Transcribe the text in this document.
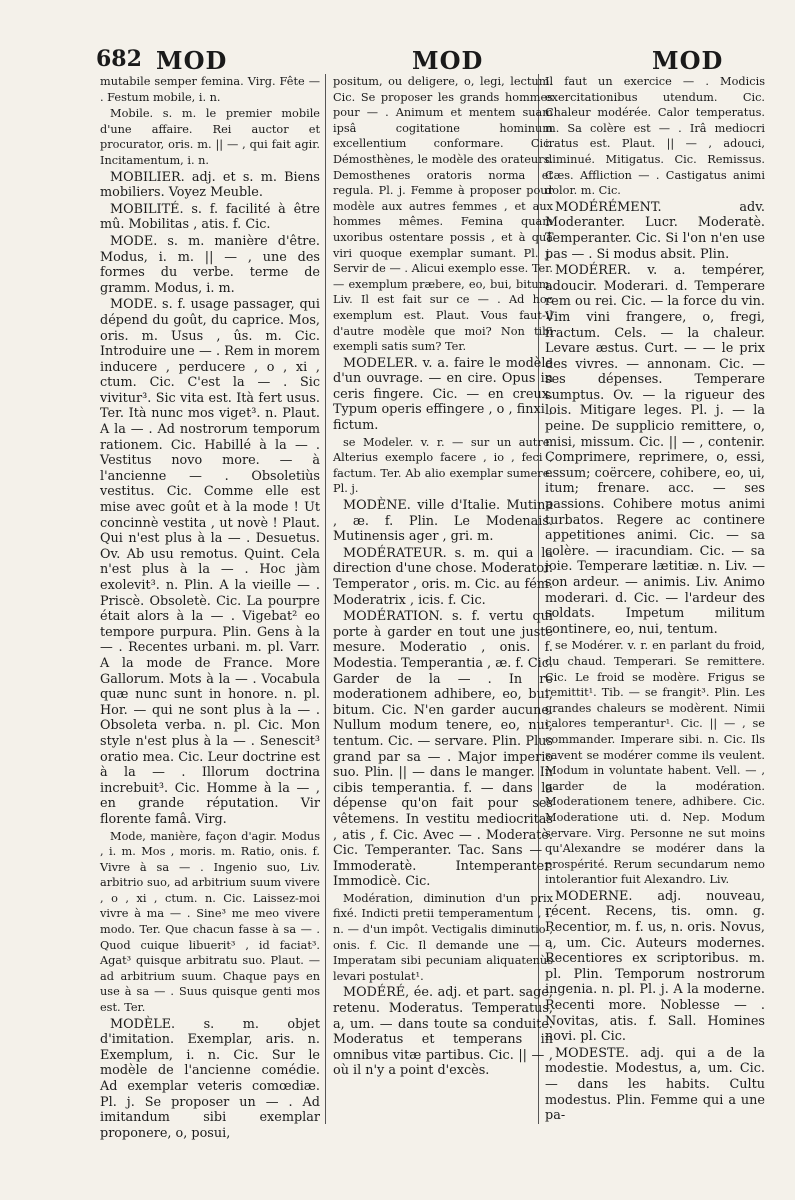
682 MOD	MOD	MOD

mutabile semper femina. Virg. Fête — . Festum mobile, i. n.

Mobile. s. m. le premier mobile d'une affaire. Rei auctor et procurator, oris. m. || — , qui fait agir. Incitamentum, i. n.

MOBILIER. adj. et s. m. Biens mobiliers. Voyez Meuble.

MOBILITÉ. s. f. facilité à être mû. Mobilitas , atis. f. Cic.

MODE. s. m. manière d'être. Modus, i. m. || — , une des formes du verbe. terme de gramm. Modus, i. m.

MODE. s. f. usage passager, qui dépend du goût, du caprice. Mos, oris. m. Usus , ûs. m. Cic. Introduire une — . Rem in morem inducere , perducere , o , xi , ctum. Cic. C'est la — . Sic vivitur³. Sic vita est. Ità fert usus. Ter. Ità nunc mos viget³. n. Plaut. A la — . Ad nostrorum temporum rationem. Cic. Habillé à la — . Vestitus novo more. — à l'ancienne — . Obsoletiùs vestitus. Cic. Comme elle est mise avec goût et à la mode ! Ut concinnè vestita , ut novè ! Plaut. Qui n'est plus à la — . Desuetus. Ov. Ab usu remotus. Quint. Cela n'est plus à la — . Hoc jàm exolevit³. n. Plin. A la vieille — . Priscè. Obsoletè. Cic. La pourpre était alors à la — . Vigebat² eo tempore purpura. Plin. Gens à la — . Recentes urbani. m. pl. Varr. A la mode de France. More Gallorum. Mots à la — . Vocabula quæ nunc sunt in honore. n. pl. Hor. — qui ne sont plus à la — . Obsoleta verba. n. pl. Cic. Mon style n'est plus à la — . Senescit³ oratio mea. Cic. Leur doctrine est à la — . Illorum doctrina increbuit³. Cic. Homme à la — , en grande réputation. Vir florente famâ. Virg.

Mode, manière, façon d'agir. Modus , i. m. Mos , moris. m. Ratio, onis. f. Vivre à sa — . Ingenio suo, Liv. arbitrio suo, ad arbitrium suum vivere , o , xi , ctum. n. Cic. Laissez-moi vivre à ma — . Sine³ me meo vivere modo. Ter. Que chacun fasse à sa — . Quod cuique libuerit³ , id faciat³. Agat³ quisque arbitratu suo. Plaut. — ad arbitrium suum. Chaque pays en use à sa — . Suus quisque genti mos est. Ter.

MODÈLE. s. m. objet d'imitation. Exemplar, aris. n. Exemplum, i. n. Cic. Sur le modèle de l'ancienne comédie. Ad exemplar veteris comœdiæ. Pl. j. Se proposer un — . Ad imitandum sibi exemplar proponere, o, posui,

positum, ou deligere, o, legi, lectum. Cic. Se proposer les grands hommes pour — . Animum et mentem suam ipsâ cogitatione hominum excellentium conformare. Cic. Démosthènes, le modèle des orateurs. Demosthenes oratoris norma et regula. Pl. j. Femme à proposer pour modèle aux autres femmes , et aux hommes mêmes. Femina quam uxoribus ostentare possis , et à quâ viri quoque exemplar sumant. Pl. j. Servir de — . Alicui exemplo esse. Ter. — exemplum præbere, eo, bui, bitum. Liv. Il est fait sur ce — . Ad hoc exemplum est. Plaut. Vous faut-il d'autre modèle que moi? Non tibi exempli satis sum? Ter.

MODELER. v. a. faire le modèle d'un ouvrage. — en cire. Opus in ceris fingere. Cic. — en creux. Typum operis effingere , o , finxi , fictum.

se Modeler. v. r. — sur un autre. Alterius exemplo facere , io , feci , factum. Ter. Ab alio exemplar sumere. Pl. j.

MODÈNE. ville d'Italie. Mutina , æ. f. Plin. Le Modenais. Mutinensis ager , gri. m.

MODÉRATEUR. s. m. qui a la direction d'une chose. Moderator. Temperator , oris. m. Cic. au fém. Moderatrix , icis. f. Cic.

MODÉRATION. s. f. vertu qui porte à garder en tout une juste mesure. Moderatio , onis. f. Modestia. Temperantia , æ. f. Cic. Garder de la — . In re moderationem adhibere, eo, bui, bitum. Cic. N'en garder aucune. Nullum modum tenere, eo, nui, tentum. Cic. — servare. Plin. Plus grand par sa — . Major imperio suo. Plin. || — dans le manger. In cibis temperantia. f. — dans la dépense qu'on fait pour ses vêtemens. In vestitu mediocritas , atis , f. Cic. Avec — . Moderatè. Cic. Temperanter. Tac. Sans — . Immoderatè. Intemperanter. Immodicè. Cic.

Modération, diminution d'un prix fixé. Indicti pretii temperamentum , i. n. — d'un impôt. Vectigalis diminutio , onis. f. Cic. Il demande une — . Imperatam sibi pecuniam aliquatenùs levari postulat¹.

MODÉRÉ, ée. adj. et part. sage, retenu. Moderatus. Temperatus, a, um. — dans toute sa conduite. Moderatus et temperans in omnibus vitæ partibus. Cic. || — , où il n'y a point d'excès.

Il faut un exercice — . Modicis exercitationibus utendum. Cic. Chaleur modérée. Calor temperatus. m. Sa colère est — . Irâ mediocri iratus est. Plaut. || — , adouci, diminué. Mitigatus. Cic. Remissus. Cæs. Affliction — . Castigatus animi dolor. m. Cic.

MODÉRÉMENT. adv. Moderanter. Lucr. Moderatè. Temperanter. Cic. Si l'on n'en use pas — . Si modus absit. Plin.

MODÉRER. v. a. tempérer, adoucir. Moderari. d. Temperare rem ou rei. Cic. — la force du vin. Vim vini frangere, o, fregi, fractum. Cels. — la chaleur. Levare æstus. Curt. — — le prix des vivres. — annonam. Cic. — ses dépenses. Temperare sumptus. Ov. — la rigueur des lois. Mitigare leges. Pl. j. — la peine. De supplicio remittere, o, misi, missum. Cic. || — , contenir. Comprimere, reprimere, o, essi, essum; coërcere, cohibere, eo, ui, itum; frenare. acc. — ses passions. Cohibere motus animi turbatos. Regere ac continere appetitiones animi. Cic. — sa colère. — iracundiam. Cic. — sa joie. Temperare lætitiæ. n. Liv. — son ardeur. — animis. Liv. Animo moderari. d. Cic. — l'ardeur des soldats. Impetum militum continere, eo, nui, tentum.

se Modérer. v. r. en parlant du froid, du chaud. Temperari. Se remittere. Cic. Le froid se modère. Frigus se remittit¹. Tib. — se frangit³. Plin. Les grandes chaleurs se modèrent. Nimii calores temperantur¹. Cic. || — , se commander. Imperare sibi. n. Cic. Ils savent se modérer comme ils veulent. Modum in voluntate habent. Vell. — , garder de la modération. Moderationem tenere, adhibere. Cic. Moderatione uti. d. Nep. Modum servare. Virg. Personne ne sut moins qu'Alexandre se modérer dans la prospérité. Rerum secundarum nemo intolerantior fuit Alexandro. Liv.

MODERNE. adj. nouveau, récent. Recens, tis. omn. g. Recentior, m. f. us, n. oris. Novus, a, um. Cic. Auteurs modernes. Recentiores ex scriptoribus. m. pl. Plin. Temporum nostrorum ingenia. n. pl. Pl. j. A la moderne. Recenti more. Noblesse — . Novitas, atis. f. Sall. Homines novi. pl. Cic.

MODESTE. adj. qui a de la modestie. Modestus, a, um. Cic. — dans les habits. Cultu modestus. Plin. Femme qui a une pa-
